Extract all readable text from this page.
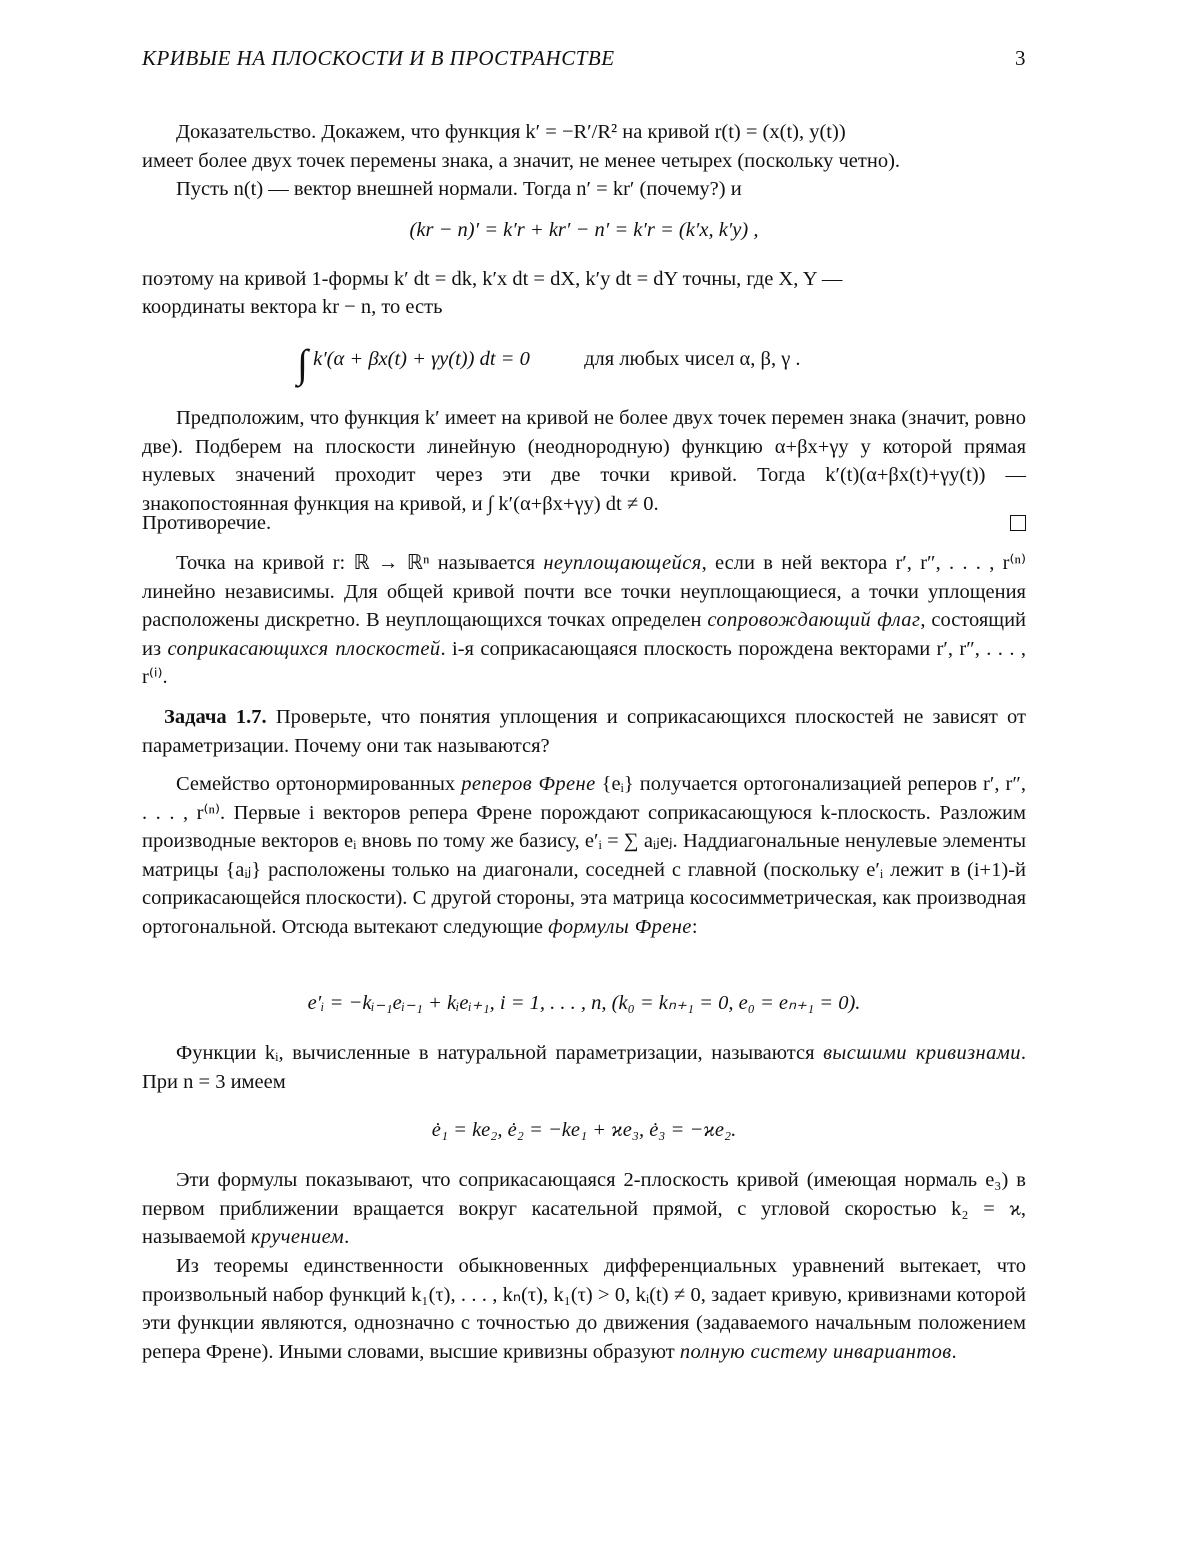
КРИВЫЕ НА ПЛОСКОСТИ И В ПРОСТРАНСТВЕ	3

Доказательство. Докажем, что функция k′ = −R′/R² на кривой r(t) = (x(t), y(t))

имеет более двух точек перемены знака, а значит, не менее четырех (поскольку четно).

Пусть n(t) — вектор внешней нормали. Тогда n′ = kr′ (почему?) и

(kr − n)′ = k′r + kr′ − n′ = k′r = (k′x, k′y) ,

поэтому на кривой 1-формы k′ dt = dk, k′x dt = dX, k′y dt = dY точны, где X, Y —

координаты вектора kr − n, то есть

∫ k′(α + βx(t) + γy(t)) dt = 0	для любых чисел α, β, γ .

Предположим, что функция k′ имеет на кривой не более двух точек перемен знака (значит, ровно две). Подберем на плоскости линейную (неоднородную) функцию α+βx+γy у которой прямая нулевых значений проходит через эти две точки кривой. Тогда k′(t)(α+βx(t)+γy(t)) — знакопостоянная функция на кривой, и ∫ k′(α+βx+γy) dt ≠ 0.

Противоречие.

Точка на кривой r: ℝ → ℝⁿ называется неуплощающейся, если в ней вектора r′, r″, . . . , r⁽ⁿ⁾ линейно независимы. Для общей кривой почти все точки неуплощающиеся, а точки уплощения расположены дискретно. В неуплощающихся точках определен сопровождающий флаг, состоящий из соприкасающихся плоскостей. i-я соприкасающаяся плоскость порождена векторами r′, r″, . . . , r⁽ⁱ⁾.

Задача 1.7. Проверьте, что понятия уплощения и соприкасающихся плоскостей не зависят от параметризации. Почему они так называются?

Семейство ортонормированных реперов Френе {eᵢ} получается ортогонализацией реперов r′, r″, . . . , r⁽ⁿ⁾. Первые i векторов репера Френе порождают соприкасающуюся k-плоскость. Разложим производные векторов eᵢ вновь по тому же базису, e′ᵢ = ∑ aᵢⱼeⱼ. Наддиагональные ненулевые элементы матрицы {aᵢⱼ} расположены только на диагонали, соседней с главной (поскольку e′ᵢ лежит в (i+1)-й соприкасающейся плоскости). С другой стороны, эта матрица кососимметрическая, как производная ортогональной. Отсюда вытекают следующие формулы Френе:

e′ᵢ = −kᵢ₋₁eᵢ₋₁ + kᵢeᵢ₊₁, i = 1, . . . , n, (k₀ = kₙ₊₁ = 0, e₀ = eₙ₊₁ = 0).

Функции kᵢ, вычисленные в натуральной параметризации, называются высшими кривизнами. При n = 3 имеем

ė₁ = ke₂, ė₂ = −ke₁ + ϰe₃, ė₃ = −ϰe₂.

Эти формулы показывают, что соприкасающаяся 2-плоскость кривой (имеющая нормаль e₃) в первом приближении вращается вокруг касательной прямой, с угловой скоростью k₂ = ϰ, называемой кручением.

Из теоремы единственности обыкновенных дифференциальных уравнений вытекает, что произвольный набор функций k₁(τ), . . . , kₙ(τ), k₁(τ) > 0, kᵢ(t) ≠ 0, задает кривую, кривизнами которой эти функции являются, однозначно с точностью до движения (задаваемого начальным положением репера Френе). Иными словами, высшие кривизны образуют полную систему инвариантов.
